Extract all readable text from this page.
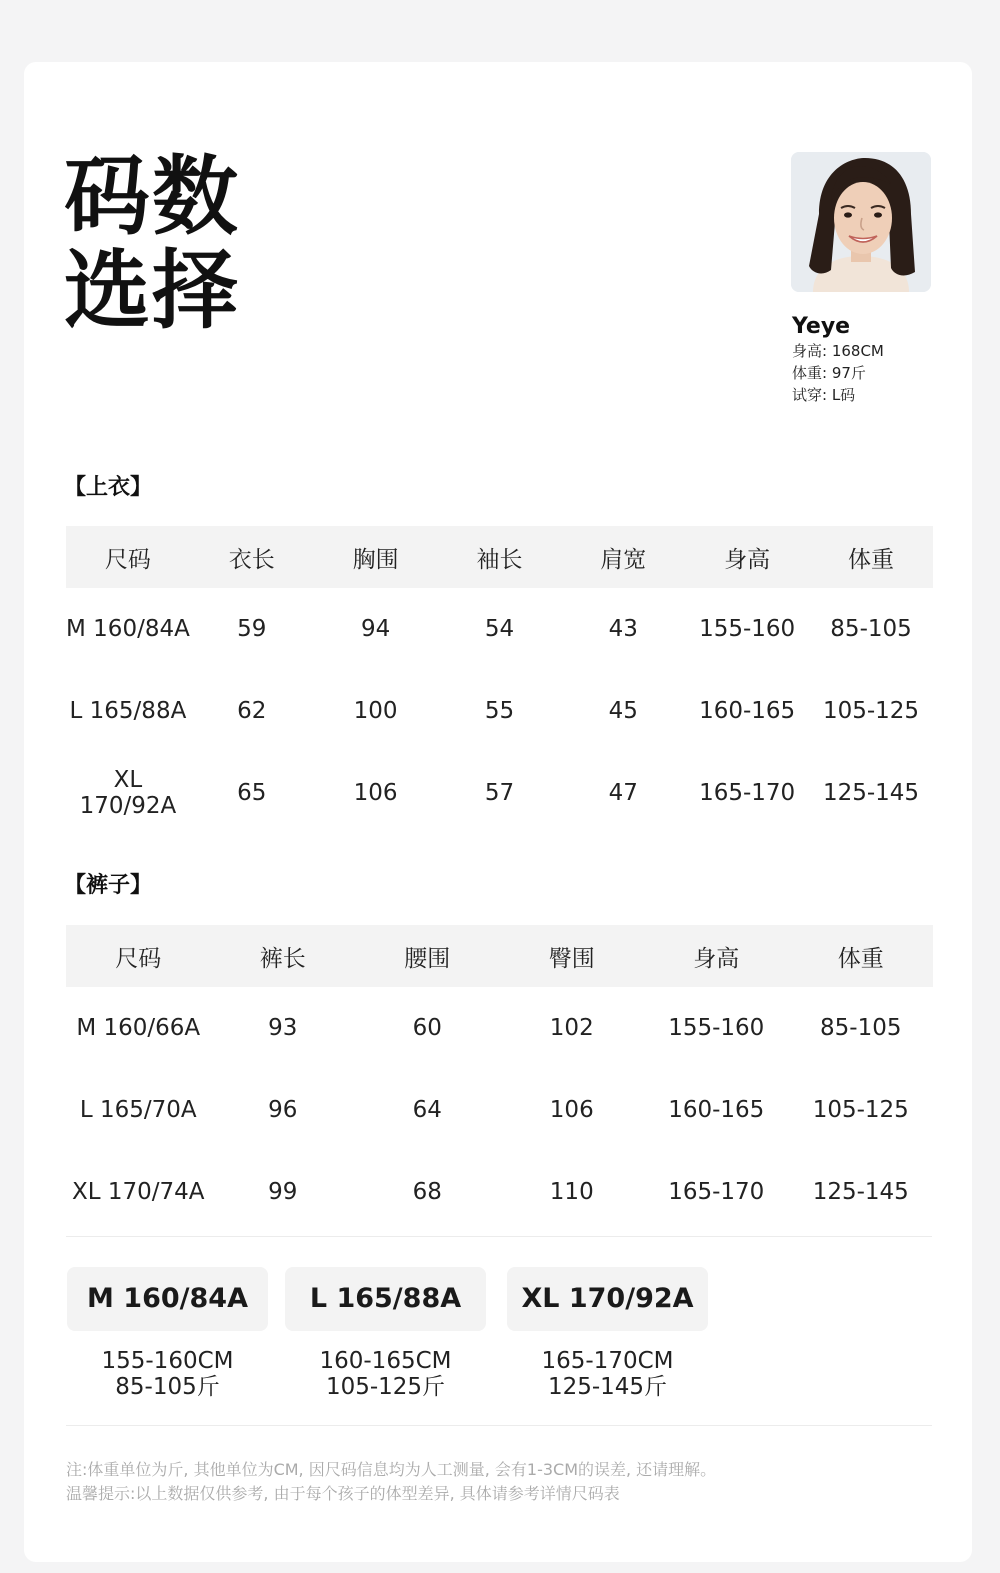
码数
选择	Yeye
身高: 168CM
体重: 97斤
试穿: L码
【上衣】
尺码	衣长	胸围	袖长	肩宽	身高	体重
M 160/84A	59	94	54	43	155-160	85-105
L 165/88A	62	100	55	45	160-165	105-125
XL 170/92A	65	106	57	47	165-170	125-145
【裤子】
尺码	裤长	腰围	臀围	身高	体重
M 160/66A	93	60	102	155-160	85-105
L 165/70A	96	64	106	160-165	105-125
XL 170/74A	99	68	110	165-170	125-145
M 160/84A
155-160CM
85-105斤
L 165/88A
160-165CM
105-125斤
XL 170/92A
165-170CM
125-145斤
注:体重单位为斤, 其他单位为CM, 因尺码信息均为人工测量, 会有1-3CM的误差, 还请理解。
温馨提示:以上数据仅供参考, 由于每个孩子的体型差异, 具体请参考详情尺码表
